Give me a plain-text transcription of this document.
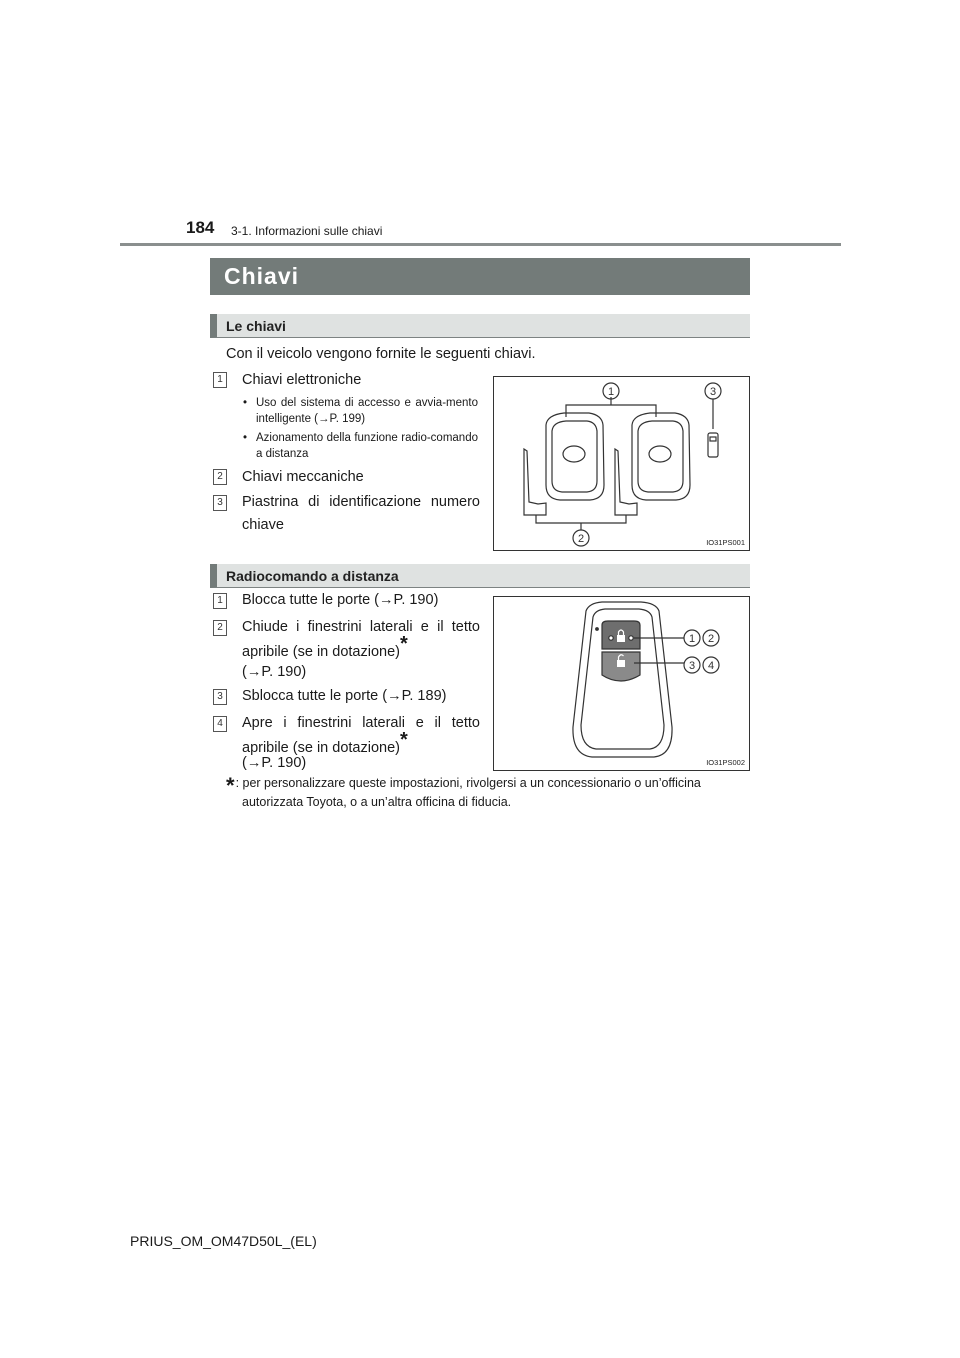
184 3-1. Informazioni sulle chiavi
Chiavi
Le chiavi
Con il veicolo vengono fornite le seguenti chiavi.
1 Chiavi elettroniche
• Uso del sistema di accesso e avvia-mento intelligente (→P. 199)
• Azionamento della funzione radio-comando a distanza
2 Chiavi meccaniche
3 Piastrina di identificazione numero chiave
1	3
2	IO31PS001
Radiocomando a distanza
1 Blocca tutte le porte (→P. 190)
2 Chiude i finestrini laterali e il tetto apribile (se in dotazione)*
(→P. 190)
3 Sblocca tutte le porte (→P. 189)
4 Apre i finestrini laterali e il tetto apribile (se in dotazione)*
(→P. 190)
1 2
3 4
IO31PS002
*: per personalizzare queste impostazioni, rivolgersi a un concessionario o un’officina
autorizzata Toyota, o a un’altra officina di fiducia.
PRIUS_OM_OM47D50L_(EL)
